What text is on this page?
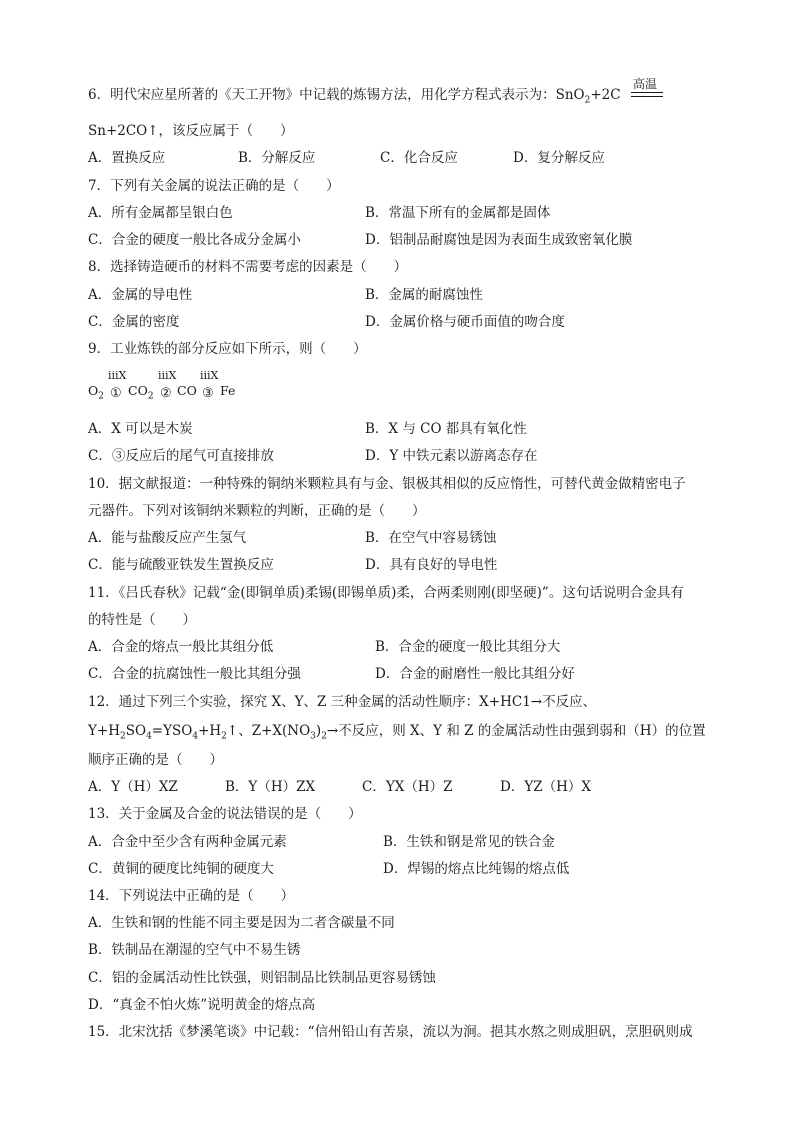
6．明代宋应星所著的《天工开物》中记载的炼锡方法，用化学方程式表示为：SnO$_2$+2C
高温
Sn+2CO↑，该反应属于（　　）
A．置换反应	B．分解反应	C．化合反应	D．复分解反应
7．下列有关金属的说法正确的是（　　）
A．所有金属都呈银白色	B．常温下所有的金属都是固体
C．合金的硬度一般比各成分金属小	D．铝制品耐腐蚀是因为表面生成致密氧化膜
8．选择铸造硬币的材料不需要考虑的因素是（　　）
A．金属的导电性	B．金属的耐腐蚀性
C．金属的密度	D．金属价格与硬币面值的吻合度
9．工业炼铁的部分反应如下所示，则（　　）
$O_2$
ⅲⅩ
① $CO_2$
ⅲⅩ
② CO
ⅲⅩ
③ Fe
A．X 可以是木炭	B．X 与 CO 都具有氧化性
C．③反应后的尾气可直接排放	D．Y 中铁元素以游离态存在
10．据文献报道：一种特殊的铜纳米颗粒具有与金、银极其相似的反应惰性，可替代黄金做精密电子
元器件。下列对该铜纳米颗粒的判断，正确的是（　　）
A．能与盐酸反应产生氢气	B．在空气中容易锈蚀
C．能与硫酸亚铁发生置换反应	D．具有良好的导电性
11．《吕氏春秋》记载“金(即铜单质)柔锡(即锡单质)柔，合两柔则刚(即坚硬)”。这句话说明合金具有
的特性是（　　）
A．合金的熔点一般比其组分低	B．合金的硬度一般比其组分大
C．合金的抗腐蚀性一般比其组分强	D．合金的耐磨性一般比其组分好
12．通过下列三个实验，探究 X、Y、Z 三种金属的活动性顺序：X+HC1→不反应、
$Y+H_2SO_4=YSO_4+H_2↑$、$Z+X(NO_3)_2\to$不反应，则 X、Y 和 Z 的金属活动性由强到弱和（H）的位置
顺序正确的是（　　）
A．Y（H）XZ	B．Y（H）ZX	C．YX（H）Z	D．YZ（H）X
13．关于金属及合金的说法错误的是（　　）
A．合金中至少含有两种金属元素	B．生铁和钢是常见的铁合金
C．黄铜的硬度比纯铜的硬度大	D．焊锡的熔点比纯锡的熔点低
14．下列说法中正确的是（　　）
A．生铁和钢的性能不同主要是因为二者含碳量不同
B．铁制品在潮湿的空气中不易生锈
C．铝的金属活动性比铁强，则铝制品比铁制品更容易锈蚀
D．“真金不怕火炼”说明黄金的熔点高
15．北宋沈括《梦溪笔谈》中记载：“信州铅山有苦泉，流以为涧。挹其水熬之则成胆矾，烹胆矾则成
